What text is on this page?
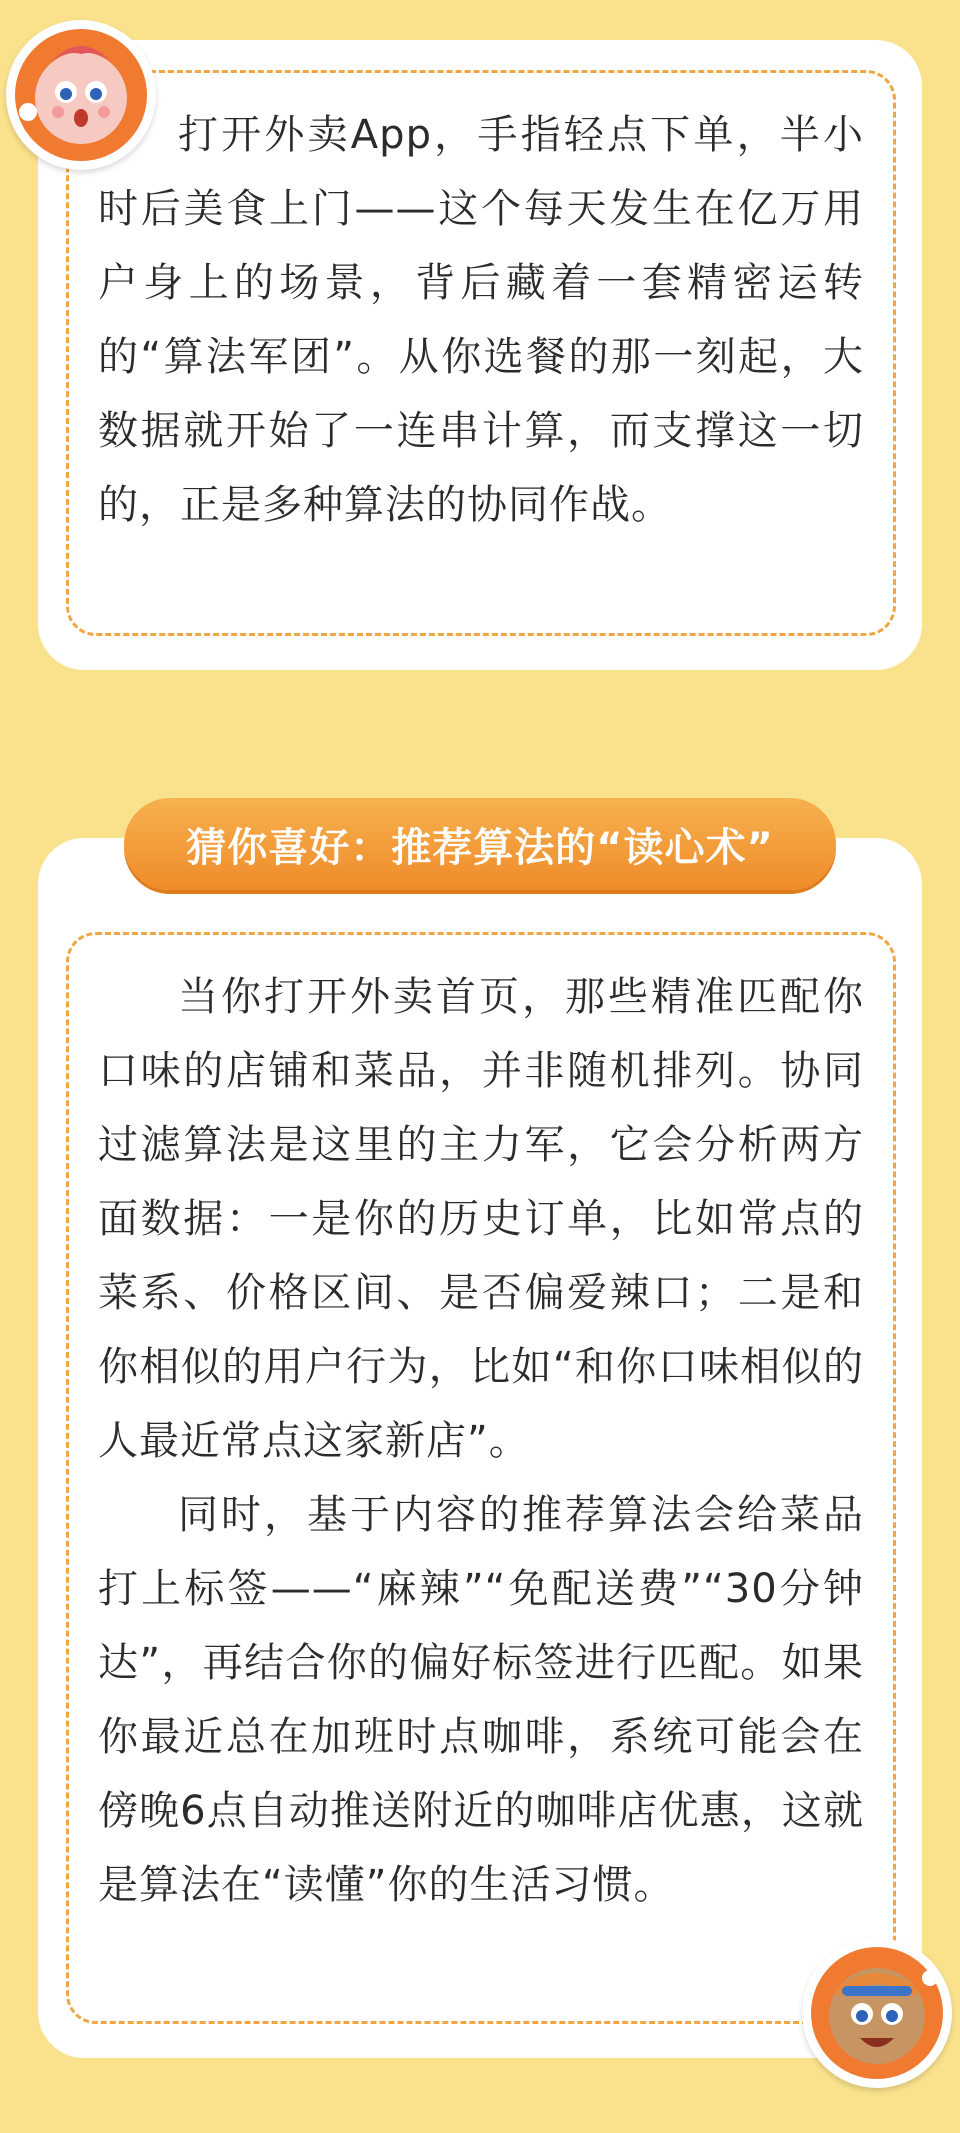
打开外卖App，手指轻点下单，半小时后美食上门——这个每天发生在亿万用户身上的场景，背后藏着一套精密运转的“算法军团”。从你选餐的那一刻起，大数据就开始了一连串计算，而支撑这一切的，正是多种算法的协同作战。

猜你喜好：推荐算法的“读心术”

当你打开外卖首页，那些精准匹配你口味的店铺和菜品，并非随机排列。协同过滤算法是这里的主力军，它会分析两方面数据：一是你的历史订单，比如常点的菜系、价格区间、是否偏爱辣口；二是和你相似的用户行为，比如“和你口味相似的人最近常点这家新店”。

同时，基于内容的推荐算法会给菜品打上标签——“麻辣”“免配送费”“30分钟达”，再结合你的偏好标签进行匹配。如果你最近总在加班时点咖啡，系统可能会在傍晚6点自动推送附近的咖啡店优惠，这就是算法在“读懂”你的生活习惯。
